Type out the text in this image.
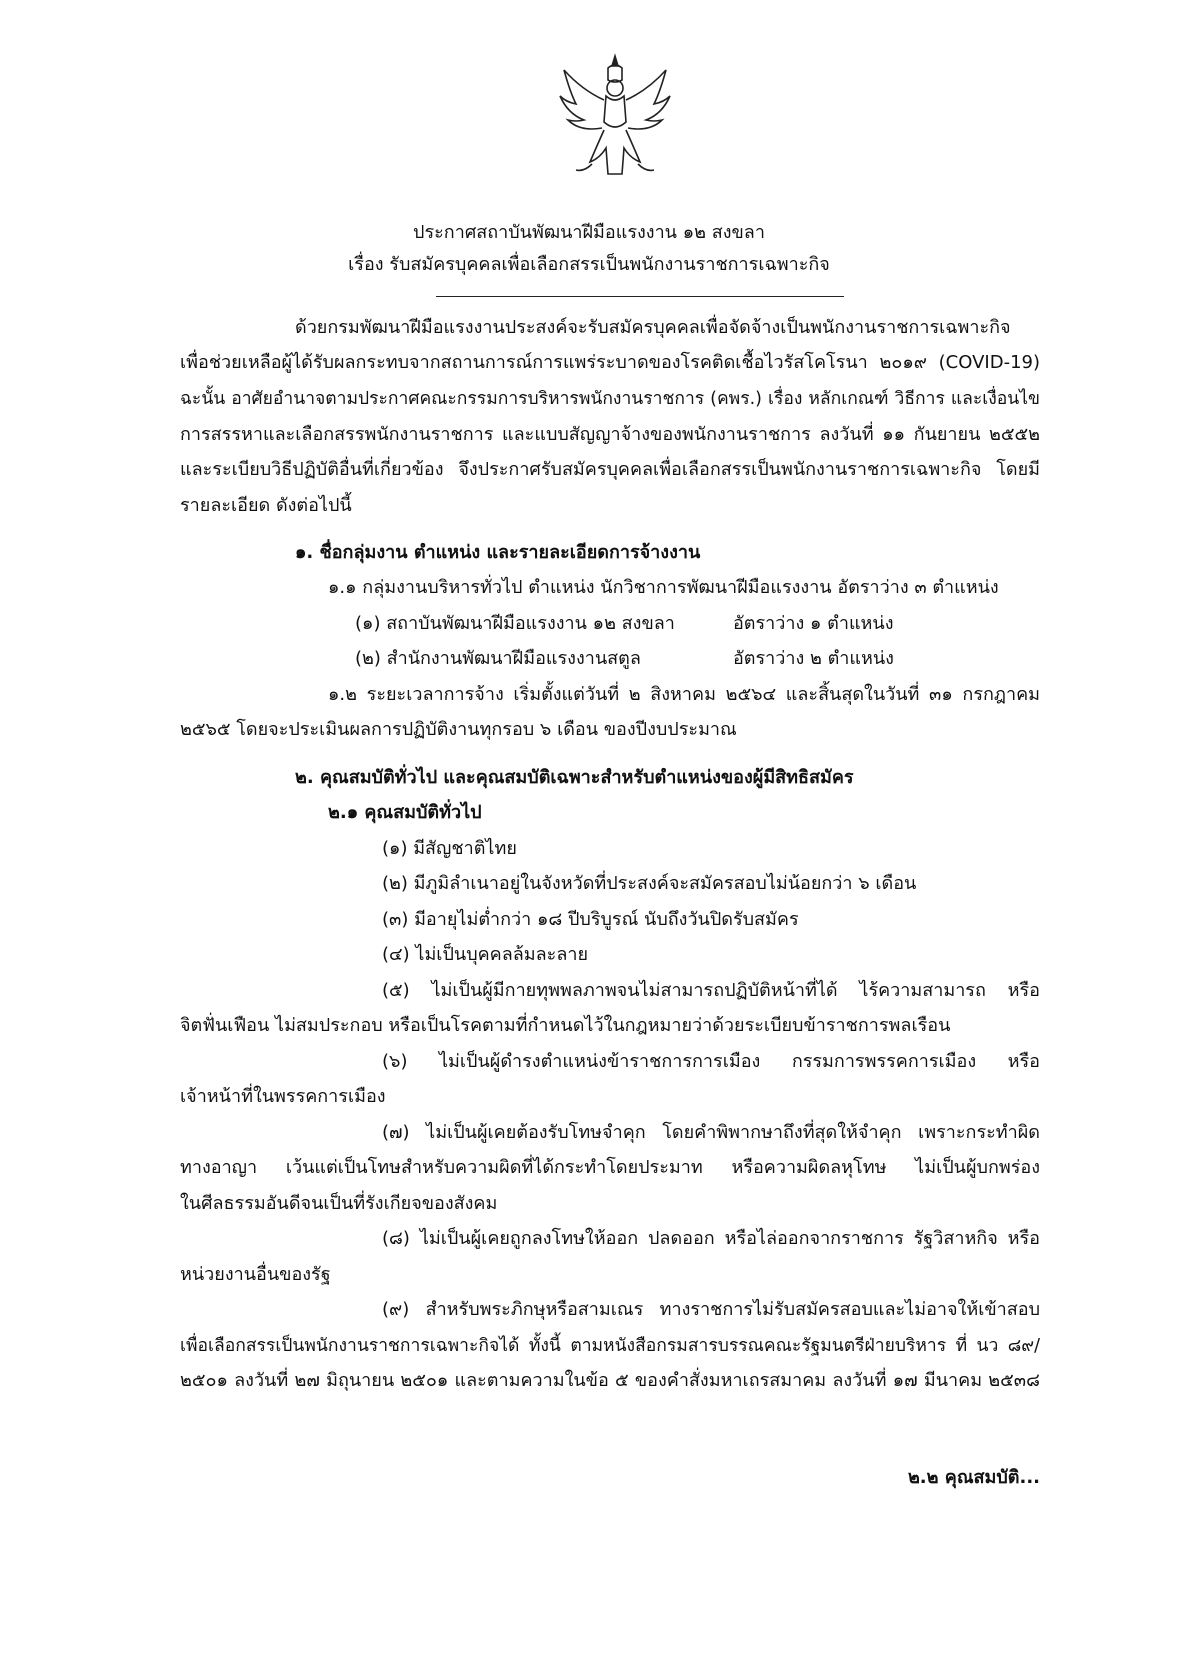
ประกาศสถาบันพัฒนาฝีมือแรงงาน ๑๒ สงขลา
เรื่อง รับสมัครบุคคลเพื่อเลือกสรรเป็นพนักงานราชการเฉพาะกิจ
ด้วยกรมพัฒนาฝีมือแรงงานประสงค์จะรับสมัครบุคคลเพื่อจัดจ้างเป็นพนักงานราชการเฉพาะกิจ
เพื่อช่วยเหลือผู้ได้รับผลกระทบจากสถานการณ์การแพร่ระบาดของโรคติดเชื้อไวรัสโคโรนา ๒๐๑๙ (COVID-19)
ฉะนั้น อาศัยอำนาจตามประกาศคณะกรรมการบริหารพนักงานราชการ (คพร.) เรื่อง หลักเกณฑ์ วิธีการ และเงื่อนไข
การสรรหาและเลือกสรรพนักงานราชการ และแบบสัญญาจ้างของพนักงานราชการ ลงวันที่ ๑๑ กันยายน ๒๕๕๒
และระเบียบวิธีปฏิบัติอื่นที่เกี่ยวข้อง จึงประกาศรับสมัครบุคคลเพื่อเลือกสรรเป็นพนักงานราชการเฉพาะกิจ โดยมี
รายละเอียด ดังต่อไปนี้
๑. ชื่อกลุ่มงาน ตำแหน่ง และรายละเอียดการจ้างงาน
๑.๑ กลุ่มงานบริหารทั่วไป ตำแหน่ง นักวิชาการพัฒนาฝีมือแรงงาน อัตราว่าง ๓ ตำแหน่ง
(๑) สถาบันพัฒนาฝีมือแรงงาน ๑๒ สงขลา	อัตราว่าง ๑ ตำแหน่ง
(๒) สำนักงานพัฒนาฝีมือแรงงานสตูล	อัตราว่าง ๒ ตำแหน่ง
๑.๒ ระยะเวลาการจ้าง เริ่มตั้งแต่วันที่ ๒ สิงหาคม ๒๕๖๔ และสิ้นสุดในวันที่ ๓๑ กรกฎาคม
๒๕๖๕ โดยจะประเมินผลการปฏิบัติงานทุกรอบ ๖ เดือน ของปีงบประมาณ
๒. คุณสมบัติทั่วไป และคุณสมบัติเฉพาะสำหรับตำแหน่งของผู้มีสิทธิสมัคร
๒.๑ คุณสมบัติทั่วไป
(๑) มีสัญชาติไทย
(๒) มีภูมิลำเนาอยู่ในจังหวัดที่ประสงค์จะสมัครสอบไม่น้อยกว่า ๖ เดือน
(๓) มีอายุไม่ต่ำกว่า ๑๘ ปีบริบูรณ์ นับถึงวันปิดรับสมัคร
(๔) ไม่เป็นบุคคลล้มละลาย
(๕) ไม่เป็นผู้มีกายทุพพลภาพจนไม่สามารถปฏิบัติหน้าที่ได้ ไร้ความสามารถ หรือ
จิตฟั่นเฟือน ไม่สมประกอบ หรือเป็นโรคตามที่กำหนดไว้ในกฎหมายว่าด้วยระเบียบข้าราชการพลเรือน
(๖) ไม่เป็นผู้ดำรงตำแหน่งข้าราชการการเมือง กรรมการพรรคการเมือง หรือ
เจ้าหน้าที่ในพรรคการเมือง
(๗) ไม่เป็นผู้เคยต้องรับโทษจำคุก โดยคำพิพากษาถึงที่สุดให้จำคุก เพราะกระทำผิด
ทางอาญา เว้นแต่เป็นโทษสำหรับความผิดที่ได้กระทำโดยประมาท หรือความผิดลหุโทษ ไม่เป็นผู้บกพร่อง
ในศีลธรรมอันดีจนเป็นที่รังเกียจของสังคม
(๘) ไม่เป็นผู้เคยถูกลงโทษให้ออก ปลดออก หรือไล่ออกจากราชการ รัฐวิสาหกิจ หรือ
หน่วยงานอื่นของรัฐ
(๙) สำหรับพระภิกษุหรือสามเณร ทางราชการไม่รับสมัครสอบและไม่อาจให้เข้าสอบ
เพื่อเลือกสรรเป็นพนักงานราชการเฉพาะกิจได้ ทั้งนี้ ตามหนังสือกรมสารบรรณคณะรัฐมนตรีฝ่ายบริหาร ที่ นว ๘๙/
๒๕๐๑ ลงวันที่ ๒๗ มิถุนายน ๒๕๐๑ และตามความในข้อ ๕ ของคำสั่งมหาเถรสมาคม ลงวันที่ ๑๗ มีนาคม ๒๕๓๘
๒.๒ คุณสมบัติ...
